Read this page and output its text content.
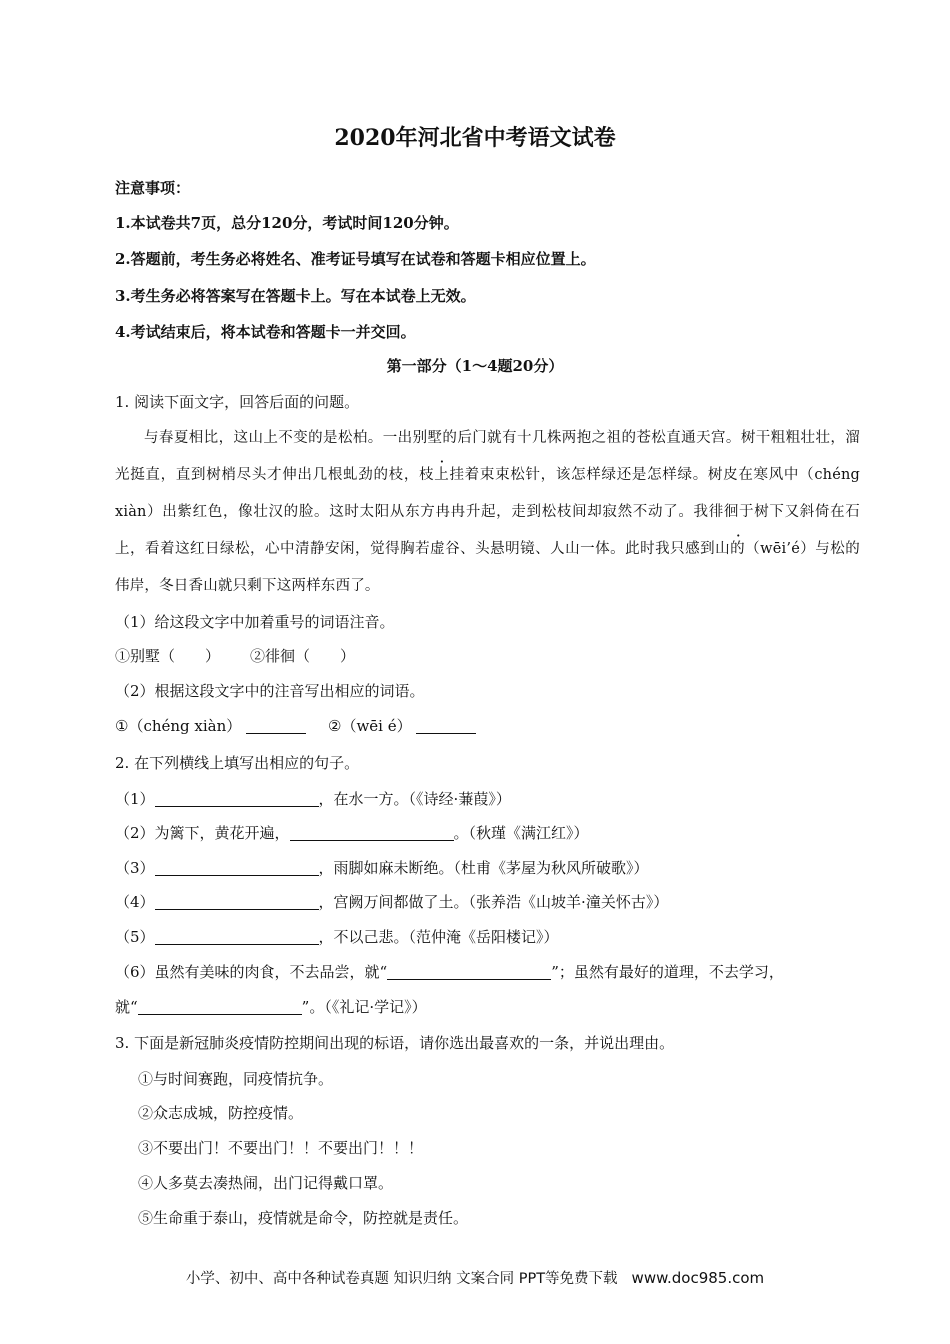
2020年河北省中考语文试卷
注意事项：
1.本试卷共7页，总分120分，考试时间120分钟。
2.答题前，考生务必将姓名、准考证号填写在试卷和答题卡相应位置上。
3.考生务必将答案写在答题卡上。写在本试卷上无效。
4.考试结束后，将本试卷和答题卡一并交回。
第一部分（1～4题20分）
1. 阅读下面文字，回答后面的问题。
与春夏相比，这山上不变的是松柏。一出别墅的后门就有十几株两抱之祖的苍松直通天宫。树干粗粗壮壮，溜光挺直，直到树梢尽头才伸出几根虬劲的枝，枝上挂着束束松针，该怎样绿还是怎样绿。树皮在寒风中（chéng xiàn）出紫红色，像壮汉的脸。这时太阳从东方冉冉升起，走到松枝间却寂然不动了。我徘徊于树下又斜倚在石上，看着这红日绿松，心中清静安闲，觉得胸若虚谷、头悬明镜、人山一体。此时我只感到山的（wēi’é）与松的伟岸，冬日香山就只剩下这两样东西了。
（1）给这段文字中加着重号的词语注音。
①别墅（　　） ②徘徊（　　）
（2）根据这段文字中的注音写出相应的词语。
①（chéng xiàn）	②（wēi é）
2. 在下列横线上填写出相应的句子。
（1）	，在水一方。（《诗经·蒹葭》）
（2）为篱下，黄花开遍，	。（秋瑾《满江红》）
（3）	，雨脚如麻未断绝。（杜甫《茅屋为秋风所破歌》）
（4）	，宫阙万间都做了土。（张养浩《山坡羊·潼关怀古》）
（5）	，不以己悲。（范仲淹《岳阳楼记》）
（6）虽然有美味的肉食，不去品尝，就“	”；虽然有最好的道理，不去学习，
就“	”。（《礼记·学记》）
3. 下面是新冠肺炎疫情防控期间出现的标语，请你选出最喜欢的一条，并说出理由。
①与时间赛跑，同疫情抗争。
②众志成城，防控疫情。
③不要出门！不要出门！！不要出门！！！
④人多莫去凑热闹，出门记得戴口罩。
⑤生命重于泰山，疫情就是命令，防控就是责任。
小学、初中、高中各种试卷真题 知识归纳 文案合同 PPT等免费下载 www.doc985.com
